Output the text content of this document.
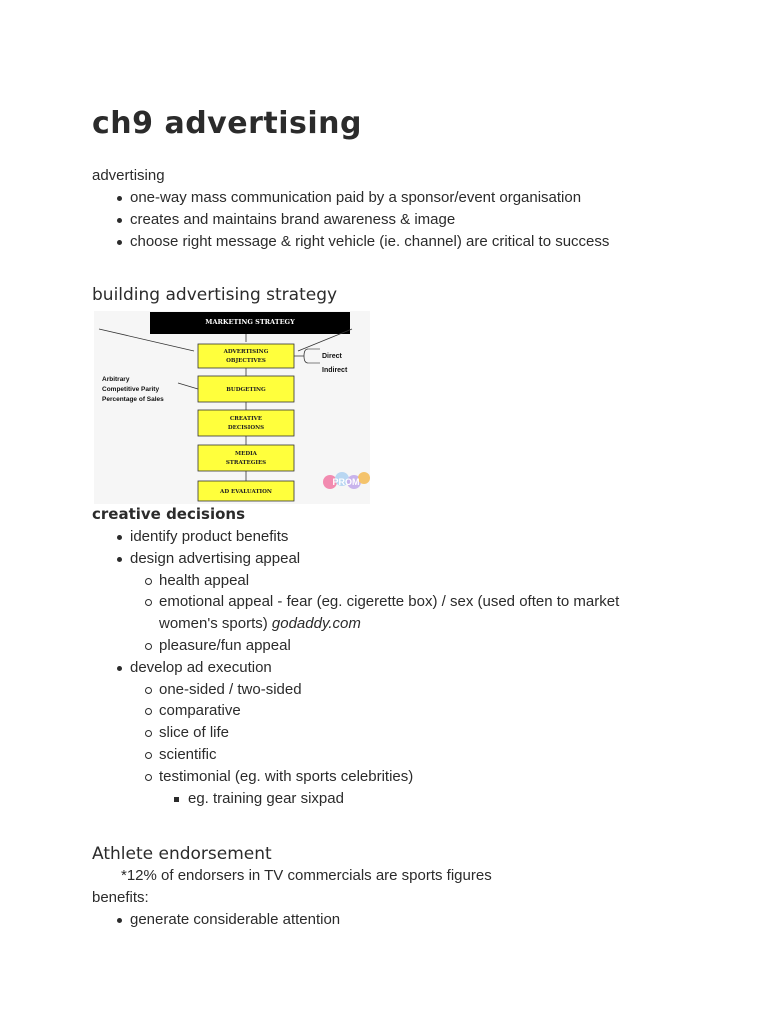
ch9 advertising
advertising
one-way mass communication paid by a sponsor/event organisation
creates and maintains brand awareness & image
choose right message & right vehicle (ie. channel) are critical to success
building advertising strategy
MARKETING STRATEGY
ADVERTISING
OBJECTIVES
BUDGETING
CREATIVE
DECISIONS
MEDIA
STRATEGIES
AD EVALUATION
Direct
Indirect
Arbitrary
Competitive Parity
Percentage of Sales
PROM
creative decisions
identify product benefits
design advertising appeal
health appeal
emotional appeal - fear (eg. cigerette box) / sex (used often to market
women's sports) godaddy.com
pleasure/fun appeal
develop ad execution
one-sided / two-sided
comparative
slice of life
scientific
testimonial (eg. with sports celebrities)
eg. training gear sixpad
Athlete endorsement
*12% of endorsers in TV commercials are sports figures
benefits:
generate considerable attention
